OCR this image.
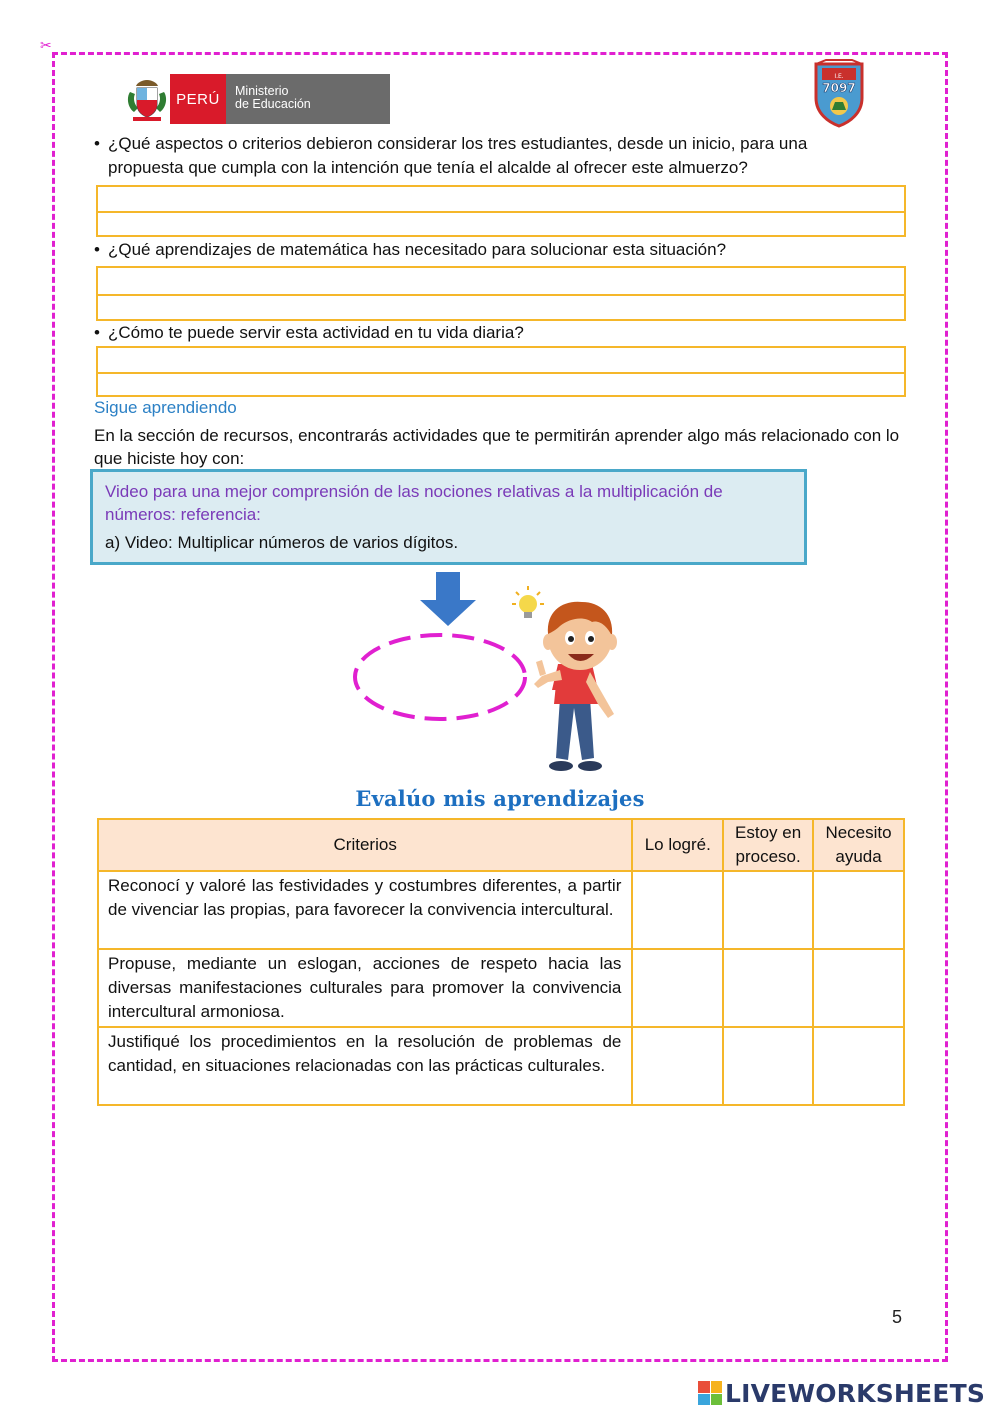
✂
PERÚ	Ministerio
de Educación
I.E.
7097
• ¿Qué aspectos o criterios debieron considerar los tres estudiantes, desde un inicio, para una
propuesta que cumpla con la intención que tenía el alcalde al ofrecer este almuerzo?
• ¿Qué aprendizajes de matemática has necesitado para solucionar esta situación?
• ¿Cómo te puede servir esta actividad en tu vida diaria?
Sigue aprendiendo
En la sección de recursos, encontrarás actividades que te permitirán aprender algo más relacionado con lo que hiciste hoy con:
Video para una mejor comprensión de las nociones relativas a la multiplicación de números: referencia:
a) Video: Multiplicar números de varios dígitos.
Evalúo mis aprendizajes
Criterios	Lo logré.	Estoy en proceso.	Necesito ayuda
Reconocí y valoré las festividades y costumbres diferentes, a partir de vivenciar las propias, para favorecer la convivencia intercultural.			
Propuse, mediante un eslogan, acciones de respeto hacia las diversas manifestaciones culturales para promover la convivencia intercultural armoniosa.			
Justifiqué los procedimientos en la resolución de problemas de cantidad, en situaciones relacionadas con las prácticas culturales.			
5
LIVEWORKSHEETS
